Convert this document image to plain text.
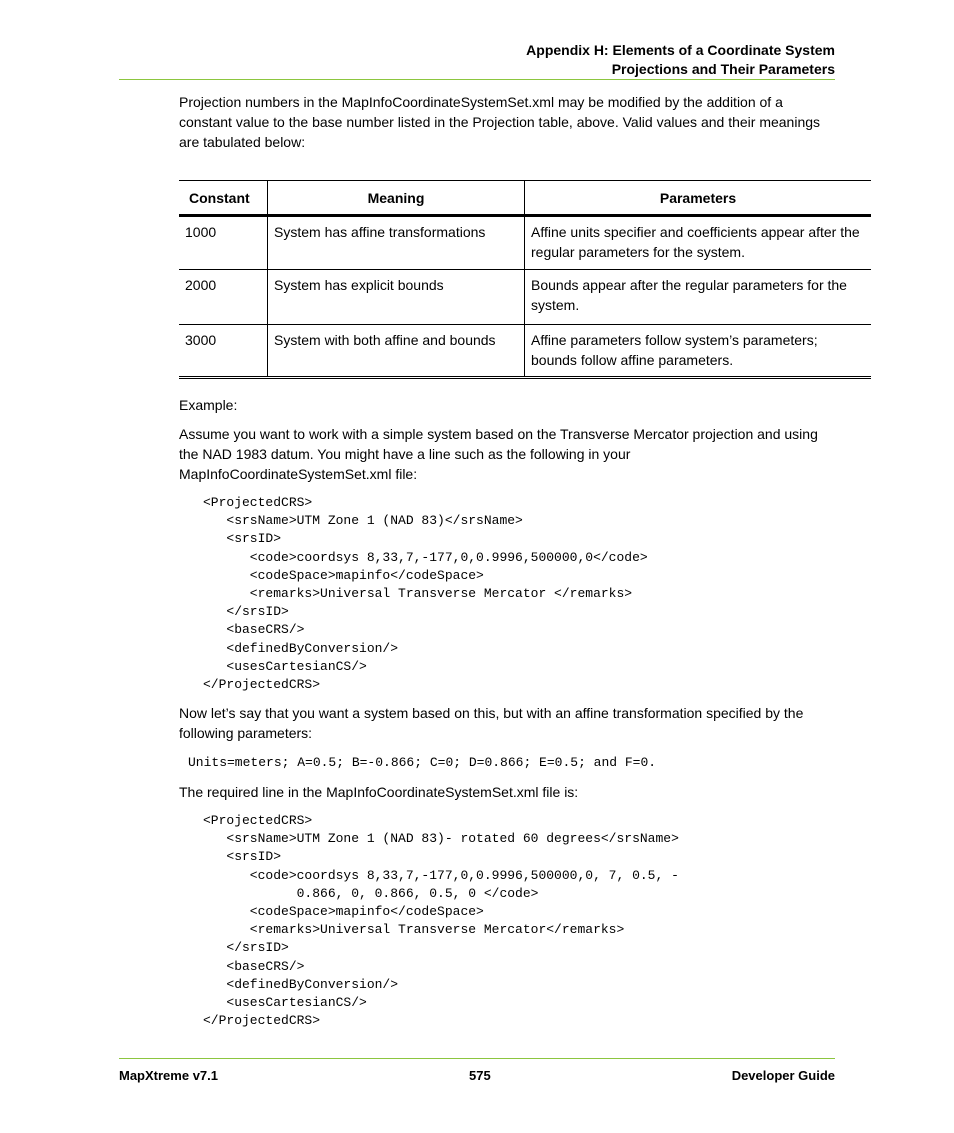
Appendix H: Elements of a Coordinate System
Projections and Their Parameters
Projection numbers in the MapInfoCoordinateSystemSet.xml may be modified by the addition of a constant value to the base number listed in the Projection table, above. Valid values and their meanings are tabulated below:
Constant	Meaning	Parameters
1000	System has affine transformations	Affine units specifier and coefficients appear after the regular parameters for the system.
2000	System has explicit bounds	Bounds appear after the regular parameters for the system.
3000	System with both affine and bounds	Affine parameters follow system’s parameters; bounds follow affine parameters.
Example:
Assume you want to work with a simple system based on the Transverse Mercator projection and using the NAD 1983 datum. You might have a line such as the following in your MapInfoCoordinateSystemSet.xml file:
<ProjectedCRS>
<srsName>UTM Zone 1 (NAD 83)</srsName>
<srsID>
<code>coordsys 8,33,7,-177,0,0.9996,500000,0</code>
<codeSpace>mapinfo</codeSpace>
<remarks>Universal Transverse Mercator </remarks>
</srsID>
<baseCRS/>
<definedByConversion/>
<usesCartesianCS/>
</ProjectedCRS>
Now let’s say that you want a system based on this, but with an affine transformation specified by the following parameters:
Units=meters; A=0.5; B=-0.866; C=0; D=0.866; E=0.5; and F=0.
The required line in the MapInfoCoordinateSystemSet.xml file is:
<ProjectedCRS>
<srsName>UTM Zone 1 (NAD 83)- rotated 60 degrees</srsName>
<srsID>
<code>coordsys 8,33,7,-177,0,0.9996,500000,0, 7, 0.5, -
0.866, 0, 0.866, 0.5, 0 </code>
<codeSpace>mapinfo</codeSpace>
<remarks>Universal Transverse Mercator</remarks>
</srsID>
<baseCRS/>
<definedByConversion/>
<usesCartesianCS/>
</ProjectedCRS>
MapXtreme v7.1	575	Developer Guide
